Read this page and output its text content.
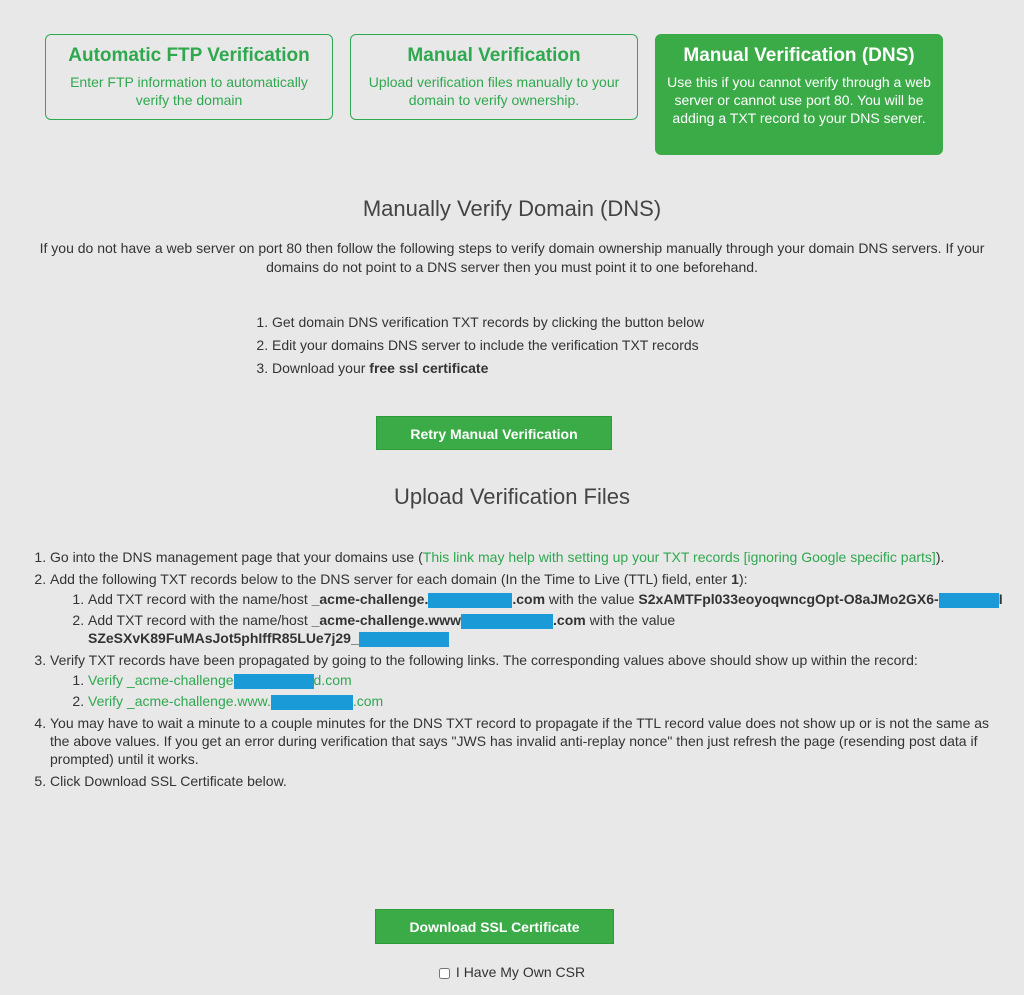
Automatic FTP Verification
Enter FTP information to automatically verify the domain
Manual Verification
Upload verification files manually to your domain to verify ownership.
Manual Verification (DNS)
Use this if you cannot verify through a web server or cannot use port 80. You will be adding a TXT record to your DNS server.
Manually Verify Domain (DNS)
If you do not have a web server on port 80 then follow the following steps to verify domain ownership manually through your domain DNS servers. If your domains do not point to a DNS server then you must point it to one beforehand.
1. Get domain DNS verification TXT records by clicking the button below
2. Edit your domains DNS server to include the verification TXT records
3. Download your free ssl certificate
Retry Manual Verification
Upload Verification Files
1. Go into the DNS management page that your domains use (This link may help with setting up your TXT records [ignoring Google specific parts]).
2. Add the following TXT records below to the DNS server for each domain (In the Time to Live (TTL) field, enter 1):
1. Add TXT record with the name/host _acme-challenge.	.com with the value S2xAMTFpl033eoyoqwncgOpt-O8aJMo2GX6-	I
2. Add TXT record with the name/host _acme-challenge.www	.com with the value
SZeSXvK89FuMAsJot5phIffR85LUe7j29_
3. Verify TXT records have been propagated by going to the following links. The corresponding values above should show up within the record:
1. Verify _acme-challenge	d.com
2. Verify _acme-challenge.www.	.com
4. You may have to wait a minute to a couple minutes for the DNS TXT record to propagate if the TTL record value does not show up or is not the same as the above values. If you get an error during verification that says "JWS has invalid anti-replay nonce" then just refresh the page (resending post data if prompted) until it works.
5. Click Download SSL Certificate below.
Download SSL Certificate
I Have My Own CSR
